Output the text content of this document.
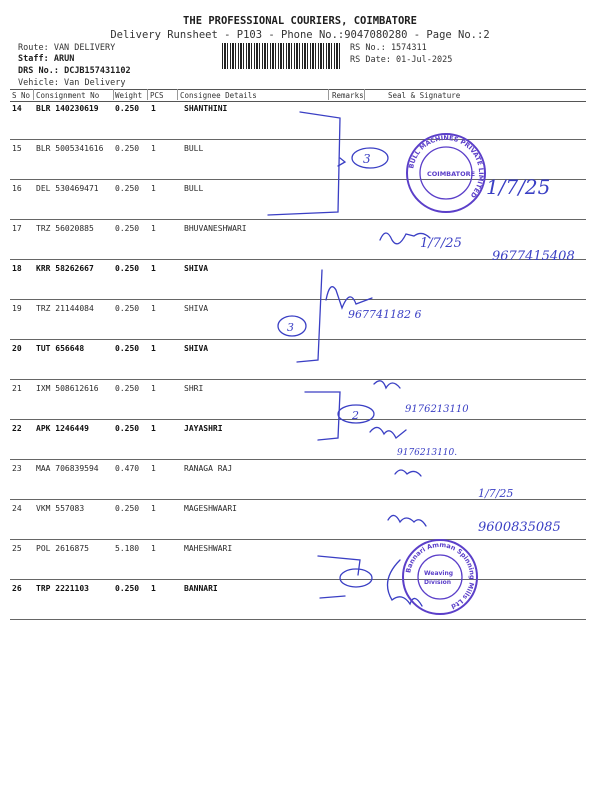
THE PROFESSIONAL COURIERS, COIMBATORE
Delivery Runsheet - P103 - Phone No.:9047080280 - Page No.:2
Route: VAN DELIVERY
Staff: ARUN
DRS No.: DCJB157431102
Vehicle: Van Delivery
RS No.: 1574311
RS Date: 01-Jul-2025
S No Consignment No Weight PCS Consignee Details	Remarks	Seal & Signature
14 BLR 140230619 0.250 1	SHANTHINI
15 BLR 5005341616 0.250 1	BULL
16 DEL 530469471 0.250 1	BULL
17 TRZ 56020885	0.250 1	BHUVANESHWARI
18 KRR 58262667	0.250 1	SHIVA
19 TRZ 21144084	0.250 1	SHIVA
20 TUT 656648	0.250 1	SHIVA
21 IXM 508612616 0.250 1	SHRI
22 APK 1246449	0.250 1	JAYASHRI
23 MAA 706839594 0.470 1	RANAGA RAJ
24 VKM 557083	0.250 1	MAGESHWAARI
25 POL 2616875	5.180 1	MAHESHWARI
26 TRP 2221103	0.250 1	BANNARI
3
1/7/25
1/7/25
9677415408
967741182 6
3
2	9176213110
9176213110.
1/7/25
9600835085
BULL MACHINES PRIVATE LIMITED
COIMBATORE
Bannari Amman Spinning Mills Ltd
Weaving
Division
